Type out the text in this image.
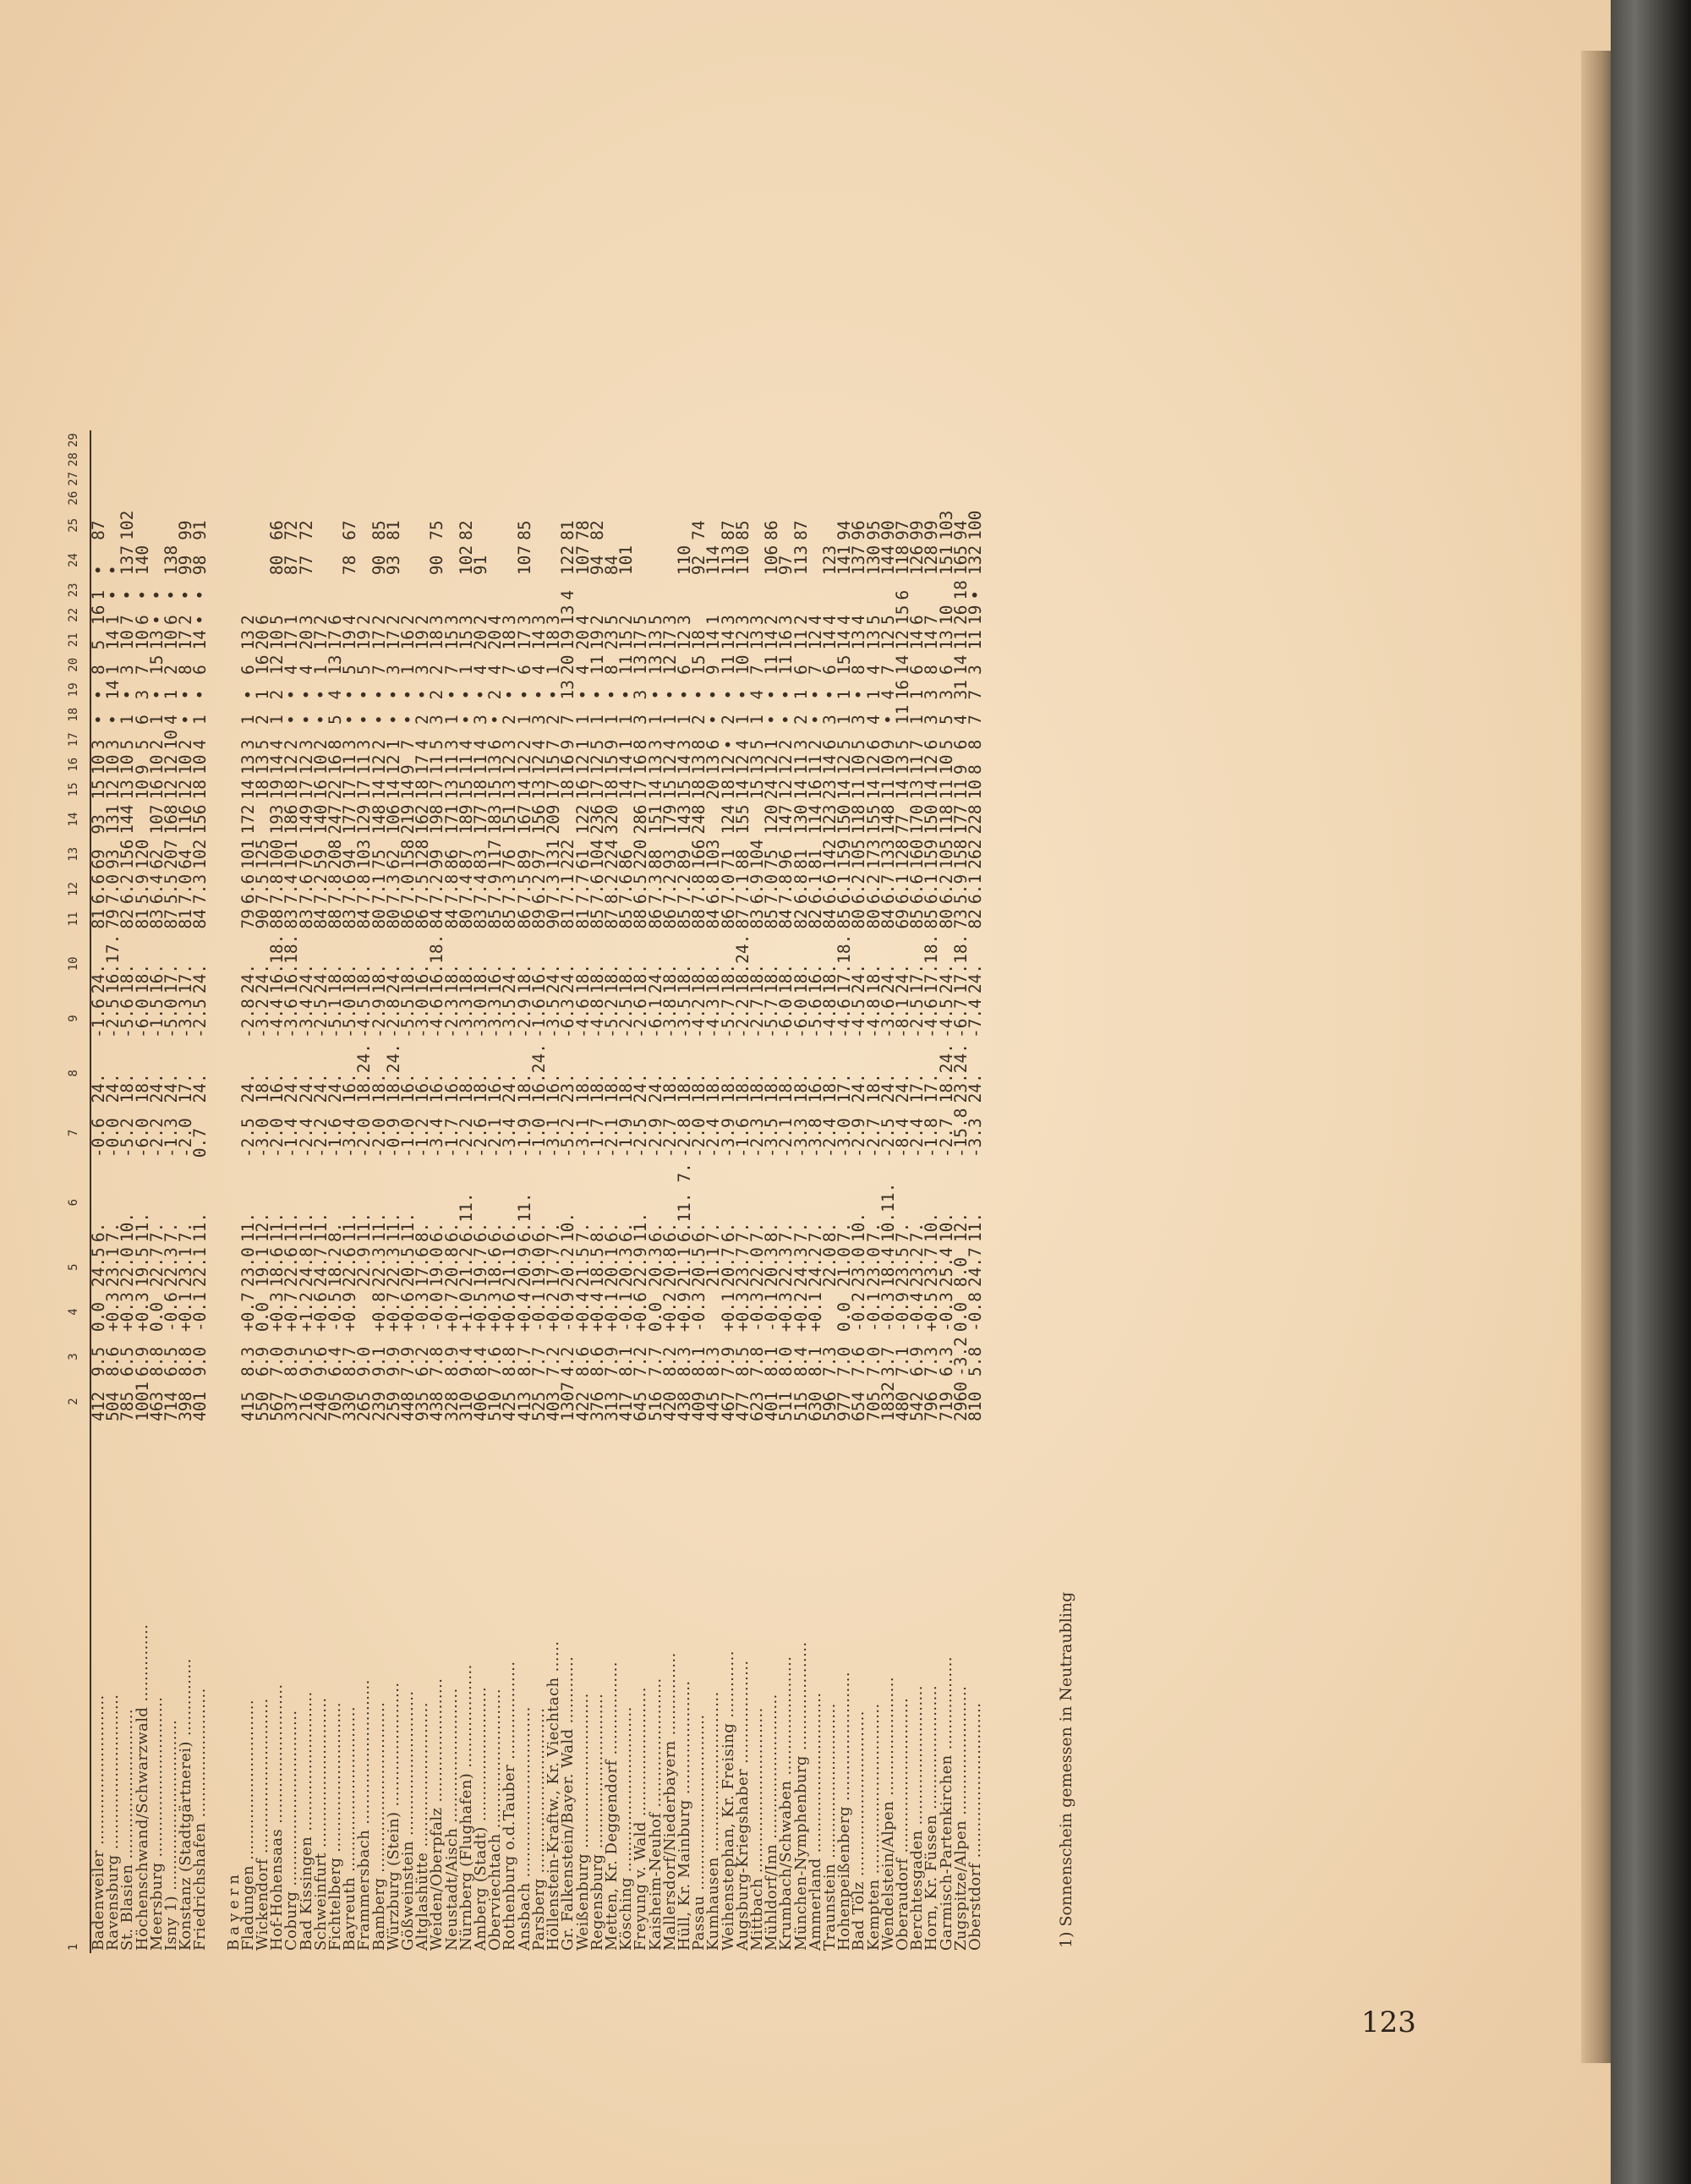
1	2	3	4	5	6	7	8	9	10	11	12	13	14	15	16	17	18	19	20	21	22	23	24	25	26	27	28	29
Badenweiler .............................	412	9.5	0.0	24.5	6.	-0.6	24.	-1.6	24.	81	6.6	69	93	15	10	3	•	•	8	5	16	1	•	87				
Ravensburg ..............................	504	8.6	+0.3	23.1	7.	-0.0	24.	-2.5	16.17.	79	7.0	93	131	12	10	3	•	14	1	14	1	•	•					
St. Blasien .............................	785	6.5	+0.3	22.0	10.	-5.2	18.	-5.6	18.	82	6.2	156	144	13	10	5	1	•	3	10	7	•	137	102				
Höchenschwand/Schwarzwald ...............	1001	6.9	+0.3	19.5	11.	-6.0	18.	-6.0	18.	81	5.9	120		10	9	5	6	3	7	10	6	•	140					
Meersburg ...............................	463	8.8	0.0	22.7	7.	-2.2	24.	-1.5	16.	83	6.4	62	107	16	10	2	1	•	15	13	•	•						
Isny 1) .................................	714	6.5	-0.6	22.3	7.	-1.3	24.	-5.0	17.	87	5.5	207	168	12	12	10	4	1	2	10	6	•	138					
Konstanz (Stadtgärtnerei) ...............	398	8.8	+0.1	23.1	7.	-2.0	17.	-3.3	17.	81	7.0	64	116	12	10	2	•	•	8	17	2	•	99	99				
Friedrichshafen .........................	401	9.0	-0.1	22.1	11.	0.7	24.	-2.5	24.	84	7.3	102	156	18	10	4	1	•	6	14	•	•	98	91				

Bayern																												
Fladungen ...............................	415	8.3	+0.7	23.0	11.	-2.5	24.	-2.8	24.	79	6.6	101	172	14	13	3	1	•	6	13	2							
Wickendorf ..............................	550	6.9	0.0	19.1	12.	-3.0	18.	-3.2	24.	90	7.5	125		18	13	5	2	1	16	20	6							
Hof-Hohensaas ...........................	567	7.0	+0.3	18.6	11.	-2.0	16.	-4.4	16.18.	88	7.8	100	193	19	14	4	1	2	12	10	5		80	66				
Coburg ..................................	337	8.9	+0.7	22.6	11.	-1.4	24.	-3.6	16.18.	83	7.4	101	186	18	12	2	•	•	4	17	1		87	72				
Bad Kissingen ...........................	216	9.5	+1.2	24.8	11.	-2.4	24.	-3.4	24.	83	7.6	76	149	17	12	3	•	•	4	20	3		77	72				
Schweinfurt .............................	240	9.6	+0.6	24.7	11.	-2.2	24.	-2.5	24.	84	7.2	59	140	16	10	2	•	•	1	17	2							
Fichtelberg .............................	705	6.4	-0.5	18.2	8.	-1.6	24.	-5.1	18.	88	7.8	208	247	22	16	8	5	4	13	17	6							
Bayreuth ................................	330	8.7	+0.9	22.6	11.	-3.4	16.	-5.0	18.	83	7.6	94	177	17	11	3	•	•	5	19	4		78	67				
Frammersbach ............................	265	9.0		22.9	11.	-2.0	18.24.	-4.5	18.	84	7.8	103	129	17	11	3	•	•	5	19	2							
Bamberg .................................	239	9.1	+0.8	22.3	11.	-2.0	18.	-2.9	18.	80	7.1	75	148	14	12	2	•	•	7	17	2		90	85				
Würzburg (Stein) ........................	259	9.9	+0.7	22.3	11.	-0.9	18.24.	-2.8	24.	80	7.3	62	106	14	12	1	•	•	3	17	2		93	81				
Gößweinstein ............................	448	7.9	+0.6	20.5	11.	-1.0	16.	-5.5	18.	86	7.0	158	219	14	9	7	•	•	1	16	2							
Altglashütte ............................	935	6.2	-0.3	17.6	8.	-1.2	16.	-3.0	16.	86	7.5	128	162	18	17	4	2	•	3	19	2							
Weiden/Oberpfalz ........................	438	7.8	-0.0	19.0	6.	-3.4	16.	-4.6	16.18.	84	7.2	99	198	17	11	5	3	2	2	18	3		90	75				
Neustadt/Aisch ..........................	328	8.9	+0.7	20.8	6.	-1.7	16.	-2.3	18.	84	7.8	86	171	13	11	3	1	•	7	15	3							
Nürnberg (Flughafen) ....................	310	9.4	+1.0	21.2	6.11.	-2.2	18.	-3.3	18.	80	7.4	87	189	15	11	4	•	•	1	15	3		102	82				
Amberg (Stadt) ..........................	406	8.4	+0.5	19.7	6.	-2.6	18.	-3.0	18.	83	7.4	83	177	18	11	4	3	•	4	20	2		91					
Oberviechtach ...........................	510	7.6	+0.3	18.6	6.	-2.1	16.	-3.3	16.	85	7.9	117	183	15	13	6	•	2	4	20	4							
Rothenburg o.d.Tauber ...................	425	8.8	+0.6	21.1	6.	-3.4	24.	-3.5	24.	85	7.3	76	151	13	12	3	2	•	7	18	3							
Ansbach .................................	413	8.7	+0.4	20.9	6.11.	-1.9	18.	-2.9	18.	86	7.5	89	167	14	12	2	1	•	6	17	3		107	85				
Parsberg ................................	525	7.7	-0.1	19.0	6.	-1.0	16.24.	-1.6	16.	89	6.2	97	156	13	12	4	3	•	4	14	3							
Höllenstein-Kraftw., Kr. Viechtach ......	403	7.2	+0.2	17.7	7.	-3.1	16.	-3.5	24.	90	7.3	131	209	17	15	7	2	•	1	18	3							
Gr. Falkenstein/Bayer. Wald .............	1307	4.2	-0.9	20.2	10.	-5.2	23.	-6.3	24.	81	7.1	222		18	16	9	7	13	20	19	13	4	122	81				
Weißenburg ..............................	422	8.6	+0.4	21.5	7.	-3.1	18.	-4.6	18.	81	7.7	61	122	16	12	1	1	•	4	20	4		107	78				
Regensburg ..............................	376	8.6	+0.4	18.5	8.	-1.7	18.	-4.8	18.	85	7.6	104	236	17	12	5	1	•	11	19	2		94	82				
Metten, Kr. Deggendorf ..................	313	7.9	+0.1	20.1	6.	-2.1	18.	-5.2	18.	87	8.2	224	320	18	15	9	1	•	8	23	5		84					
Kösching ................................	417	8.1	-0.1	20.3	6.	-1.9	18.	-2.5	18.	85	7.6	86		14	14	1	1	•	11	15	2		101					
Freyung v. Wald .........................	645	7.2	+0.6	22.9	11.	-2.5	24.	-2.6	18.	88	6.5	220	286	17	16	8	3	3	13	17	5							
Kaisheim-Neuhof .........................	516	7.7	0.0	20.3	6.	-2.9	24.	-6.1	24.	86	7.3	88	151	14	13	3	1	•	13	13	5							
Mallersdorf/Niederbayern ................	420	8.2	+0.2	20.8	6.	-2.7	18.	-3.8	18.	86	7.2	93	179	15	12	4	1	•	12	17	3							
Hüll, Kr. Mainburg ......................	438	8.3	+0.9	21.1	6.11. 7.	-2.8	18.	-3.5	18.	85	7.2	89	143	15	14	3	1	•	6	12	3		110					
Passau ..................................	409	8.1	-0.3	20.5	6.	-2.0	18.	-4.2	18.	88	7.8	166	248	18	13	8	2	•	15	18			92	74				
Kumhausen ...............................	445	8.3		21.1	7.	-2.4	18.	-4.3	18.	84	6.8	103		20	13	6	•	•	9	14	1		114					
Weihenstephan, Kr. Freising .............	467	7.9	+0.1	20.7	6.	-3.9	18.	-5.7	18.	86	7.0	71	124	18	12	•	2	•	11	14	3		113	87				
Augsburg-Kriegshaber ....................	477	8.5	+0.3	23.7	7.	-1.6	18.	-2.2	18.24.	87	7.1	88	155	14	12	4	1	•	10	12	3		110	85				
Mittbach ................................	623	7.8	-0.3	22.0	7.	-2.3	18.	-2.7	18.	83	6.9	104		15	13	5	1	4	7	13	3							
Mühldorf/Inn ............................	401	8.1	-0.1	20.3	8.	-3.5	18.	-5.7	18.	85	7.0	75	120	24	12	1	•	•	11	14	2		106	86				
Krumbach/Schwaben .......................	511	8.0	+0.3	22.3	7.	-2.1	18.	-6.0	18.	84	7.8	96	147	12	12	2	•	•	11	16	3		97					
München-Nymphenburg .....................	515	8.4	+0.2	24.3	7.	-3.3	18.	-6.0	18.	82	6.8	81	130	14	11	3	2	1	6	11	2		113	87				
Ammerland ...............................	630	8.1	+0.1	24.2	7.	-3.8	16.	-5.6	16.	82	6.1	81	114	16	11	2	•	•	7	12	4							
Traunstein ..............................	596	7.3		22.0	8.	-2.4	18.	-4.8	18.	84	6.6	142	123	23	14	6	3	•	6	14	4		123					
Hohenpeißenberg .........................	977	7.0	0.0	21.0	7.	-3.0	17.	-4.6	17.18.	85	6.1	159	150	14	12	5	1	1	15	14	4		141	94				
Bad Tölz ................................	654	7.6	-0.2	23.0	10.	-2.9	24.	-4.5	24.	80	6.2	105	118	11	10	5	3	•	8	13	4		137	96				
Kempten .................................	705	7.0	-0.1	23.0	7.	-2.7	18.	-4.8	18.	80	6.2	173	155	14	12	6	4	1	4	13	5		130	95				
Wendelstein/Alpen .......................	1832	3.7	-0.3	18.4	10.11.	-2.5	24.	-3.6	24.	84	6.7	133	148	11	10	9	•	4	7	12	5		144	90				
Oberaudorf ..............................	480	7.1	-0.9	23.5	7.	-8.4	24.	-8.1	24.	69	6.1	128	77	14	13	5	11	16	14	12	15	6	118	97				
Berchtesgaden ...........................	542	6.9	-0.4	23.2	7.	-2.4	17.	-2.5	17.	85	6.6	160	170	13	11	7	1	1	6	14	6		126	99				
Horn, Kr. Füssen ........................	796	7.3	+0.5	23.7	10.	-1.8	17.	-4.6	17.18.	85	6.1	159	150	14	12	6	3	3	8	14	7		128	99				
Garmisch-Partenkirchen ..................	719	6.3	-0.3	25.4	10.	-2.7	18.24.	-4.5	24.	80	6.2	105	118	11	10	5	5	3	6	13	10		151	103				
Zugspitze/Alpen .........................	2960	-3.2	0.0	8.0	12.	-15.8	23.24.	-6.7	17.18.	73	5.9	158	177	11	9	6	4	31	14	11	26	18	165	94				
Oberstdorf ..............................	810	5.8	-0.8	24.7	11.	-3.3	24.	-7.4	24.	82	6.1	262	228	10	8	8	7	7	3	11	19	•	132	100				
1) Sonnenschein gemessen in Neutraubling
123
